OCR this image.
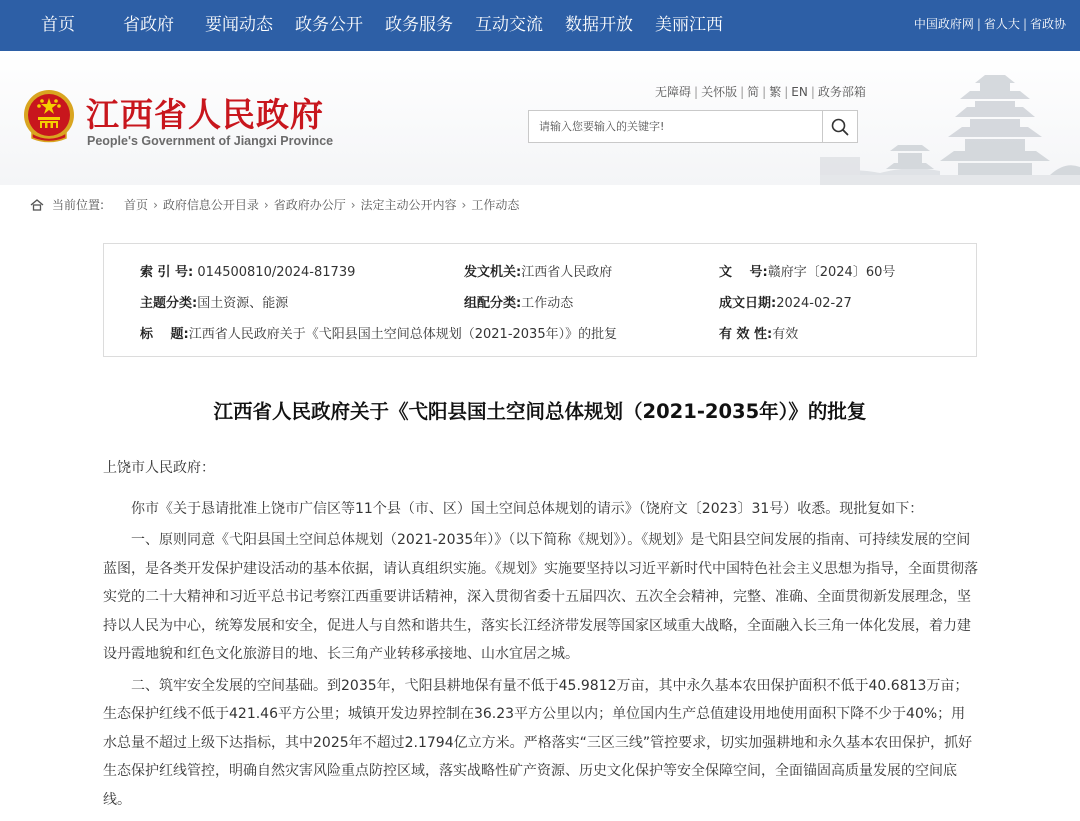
首页	省政府 要闻动态 政务公开 政务服务 互动交流 数据开放 美丽江西	中国政府网 | 省人大 | 省政协
江西省人民政府
People's Government of Jiangxi Province
无障碍 | 关怀版 | 简 | 繁 | EN | 政务部箱
请输入您要输入的关键字!
当前位置: 首页 › 政府信息公开目录 › 省政府办公厅 › 法定主动公开内容 › 工作动态
索 引 号: 014500810/2024-81739	发文机关:江西省人民政府	文　 号:赣府字〔2024〕60号
主题分类:国土资源、能源	组配分类:工作动态	成文日期:2024-02-27
标　 题:江西省人民政府关于《弋阳县国土空间总体规划（2021-2035年）》的批复	有 效 性:有效
江西省人民政府关于《弋阳县国土空间总体规划（2021-2035年）》的批复

上饶市人民政府：

你市《关于恳请批准上饶市广信区等11个县（市、区）国土空间总体规划的请示》（饶府文〔2023〕31号）收悉。现批复如下：

一、原则同意《弋阳县国土空间总体规划（2021-2035年）》（以下简称《规划》）。《规划》是弋阳县空间发展的指南、可持续发展的空间蓝图，是各类开发保护建设活动的基本依据，请认真组织实施。《规划》实施要坚持以习近平新时代中国特色社会主义思想为指导，全面贯彻落实党的二十大精神和习近平总书记考察江西重要讲话精神，深入贯彻省委十五届四次、五次全会精神，完整、准确、全面贯彻新发展理念，坚持以人民为中心，统筹发展和安全，促进人与自然和谐共生，落实长江经济带发展等国家区域重大战略，全面融入长三角一体化发展，着力建设丹霞地貌和红色文化旅游目的地、长三角产业转移承接地、山水宜居之城。

二、筑牢安全发展的空间基础。到2035年，弋阳县耕地保有量不低于45.9812万亩，其中永久基本农田保护面积不低于40.6813万亩；生态保护红线不低于421.46平方公里；城镇开发边界控制在36.23平方公里以内；单位国内生产总值建设用地使用面积下降不少于40%；用水总量不超过上级下达指标，其中2025年不超过2.1794亿立方米。严格落实“三区三线”管控要求，切实加强耕地和永久基本农田保护，抓好生态保护红线管控，明确自然灾害风险重点防控区域，落实战略性矿产资源、历史文化保护等安全保障空间，全面锚固高质量发展的空间底线。
